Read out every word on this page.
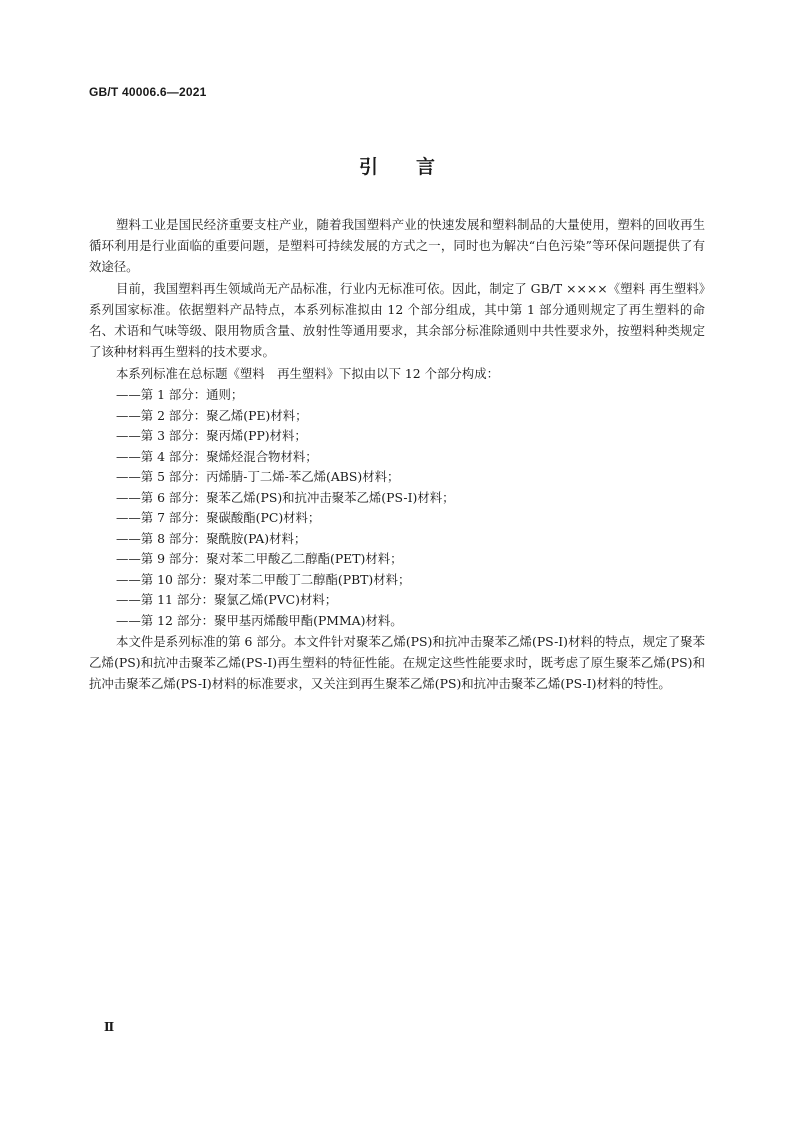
GB/T 40006.6—2021
引言

塑料工业是国民经济重要支柱产业，随着我国塑料产业的快速发展和塑料制品的大量使用，塑料的回收再生循环利用是行业面临的重要问题，是塑料可持续发展的方式之一，同时也为解决“白色污染”等环保问题提供了有效途径。

目前，我国塑料再生领域尚无产品标准，行业内无标准可依。因此，制定了 GB/T ××××《塑料 再生塑料》系列国家标准。依据塑料产品特点，本系列标准拟由 12 个部分组成，其中第 1 部分通则规定了再生塑料的命名、术语和气味等级、限用物质含量、放射性等通用要求，其余部分标准除通则中共性要求外，按塑料种类规定了该种材料再生塑料的技术要求。

本系列标准在总标题《塑料　再生塑料》下拟由以下 12 个部分构成：

——第 1 部分：通则；

——第 2 部分：聚乙烯(PE)材料；

——第 3 部分：聚丙烯(PP)材料；

——第 4 部分：聚烯烃混合物材料；

——第 5 部分：丙烯腈-丁二烯-苯乙烯(ABS)材料；

——第 6 部分：聚苯乙烯(PS)和抗冲击聚苯乙烯(PS-I)材料；

——第 7 部分：聚碳酸酯(PC)材料；

——第 8 部分：聚酰胺(PA)材料；

——第 9 部分：聚对苯二甲酸乙二醇酯(PET)材料；

——第 10 部分：聚对苯二甲酸丁二醇酯(PBT)材料；

——第 11 部分：聚氯乙烯(PVC)材料；

——第 12 部分：聚甲基丙烯酸甲酯(PMMA)材料。

本文件是系列标准的第 6 部分。本文件针对聚苯乙烯(PS)和抗冲击聚苯乙烯(PS-I)材料的特点，规定了聚苯乙烯(PS)和抗冲击聚苯乙烯(PS-I)再生塑料的特征性能。在规定这些性能要求时，既考虑了原生聚苯乙烯(PS)和抗冲击聚苯乙烯(PS-I)材料的标准要求，又关注到再生聚苯乙烯(PS)和抗冲击聚苯乙烯(PS-I)材料的特性。

Ⅱ
